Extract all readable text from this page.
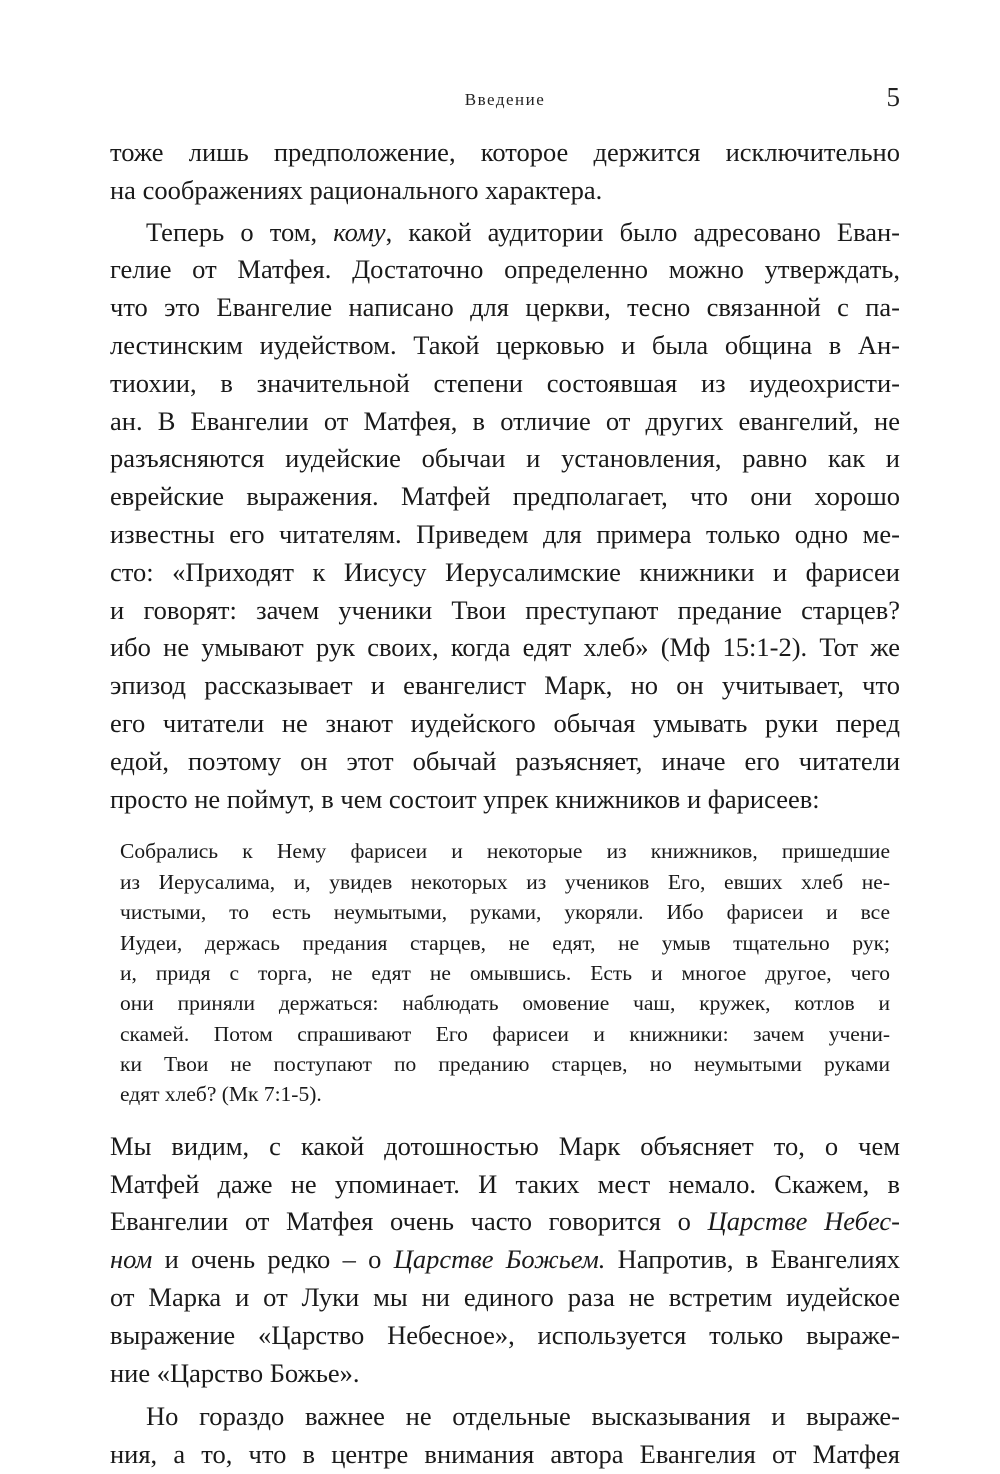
Введение	5
тоже лишь предположение, которое держится исключительно
на соображениях рационального характера.
Теперь о том, кому, какой аудитории было адресовано Еван-
гелие от Матфея. Достаточно определенно можно утверждать,
что это Евангелие написано для церкви, тесно связанной с па-
лестинским иудейством. Такой церковью и была община в Ан-
тиохии, в значительной степени состоявшая из иудеохристи-
ан. В Евангелии от Матфея, в отличие от других евангелий, не
разъясняются иудейские обычаи и установления, равно как и
еврейские выражения. Матфей предполагает, что они хорошо
известны его читателям. Приведем для примера только одно ме-
сто: «Приходят к Иисусу Иерусалимские книжники и фарисеи
и говорят: зачем ученики Твои преступают предание старцев?
ибо не умывают рук своих, когда едят хлеб» (Мф 15:1-2). Тот же
эпизод рассказывает и евангелист Марк, но он учитывает, что
его читатели не знают иудейского обычая умывать руки перед
едой, поэтому он этот обычай разъясняет, иначе его читатели
просто не поймут, в чем состоит упрек книжников и фарисеев:
Собрались к Нему фарисеи и некоторые из книжников, пришедшие
из Иерусалима, и, увидев некоторых из учеников Его, евших хлеб не-
чистыми, то есть неумытыми, руками, укоряли. Ибо фарисеи и все
Иудеи, держась предания старцев, не едят, не умыв тщательно рук;
и, придя с торга, не едят не омывшись. Есть и многое другое, чего
они приняли держаться: наблюдать омовение чаш, кружек, котлов и
скамей. Потом спрашивают Его фарисеи и книжники: зачем учени-
ки Твои не поступают по преданию старцев, но неумытыми руками
едят хлеб? (Мк 7:1-5).
Мы видим, с какой дотошностью Марк объясняет то, о чем
Матфей даже не упоминает. И таких мест немало. Скажем, в
Евангелии от Матфея очень часто говорится о Царстве Небес-
ном и очень редко – о Царстве Божьем. Напротив, в Евангелиях
от Марка и от Луки мы ни единого раза не встретим иудейское
выражение «Царство Небесное», используется только выраже-
ние «Царство Божье».
Но гораздо важнее не отдельные высказывания и выраже-
ния, а то, что в центре внимания автора Евангелия от Матфея
